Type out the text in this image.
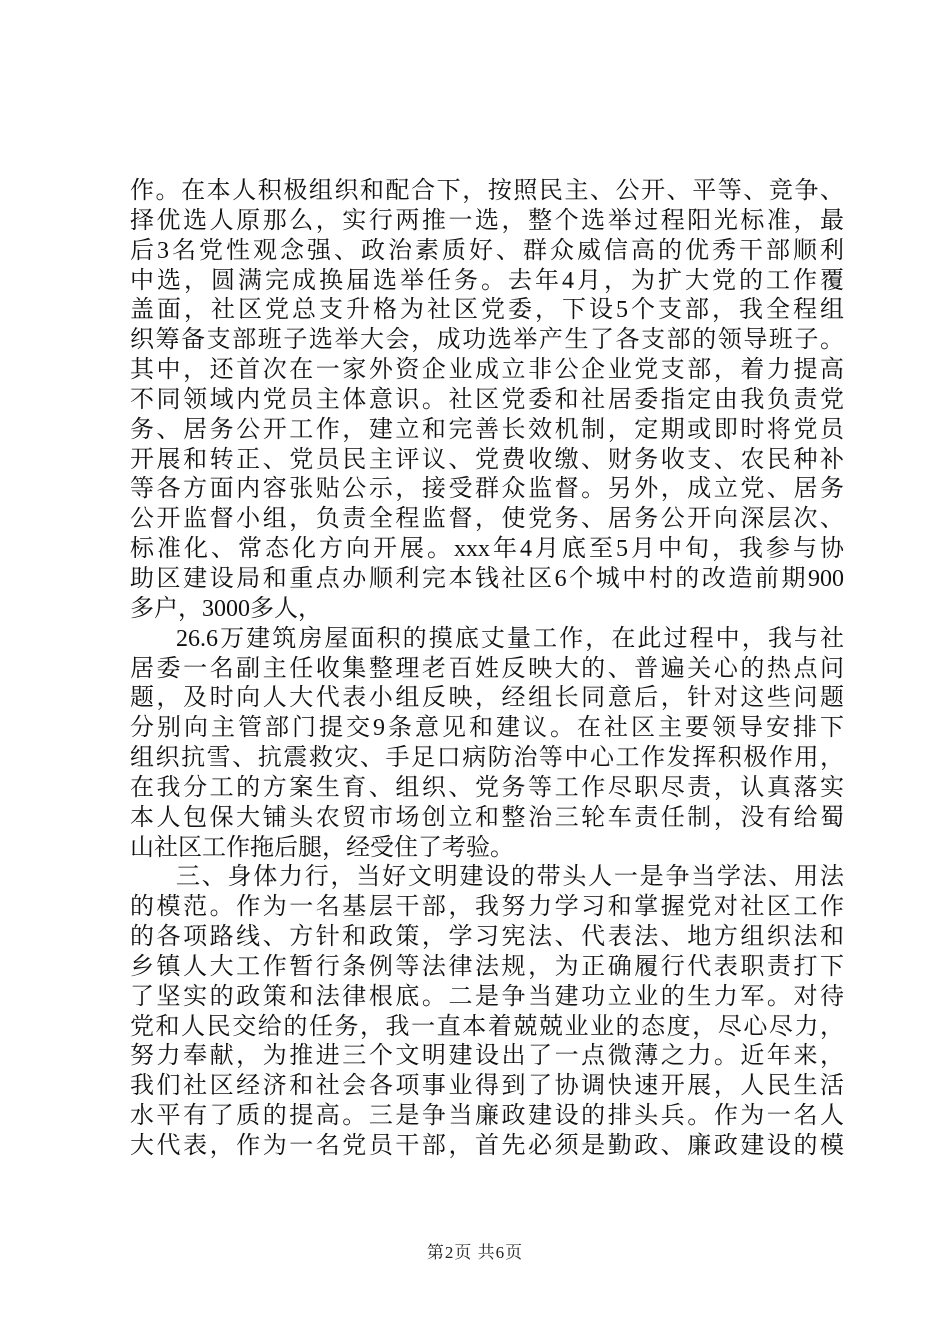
作。在本人积极组织和配合下，按照民主、公开、平等、竞争、
择优选人原那么，实行两推一选，整个选举过程阳光标准，最
后3名党性观念强、政治素质好、群众威信高的优秀干部顺利
中选，圆满完成换届选举任务。去年4月，为扩大党的工作覆
盖面，社区党总支升格为社区党委，下设5个支部，我全程组
织筹备支部班子选举大会，成功选举产生了各支部的领导班子。
其中，还首次在一家外资企业成立非公企业党支部，着力提高
不同领域内党员主体意识。社区党委和社居委指定由我负责党
务、居务公开工作，建立和完善长效机制，定期或即时将党员
开展和转正、党员民主评议、党费收缴、财务收支、农民种补
等各方面内容张贴公示，接受群众监督。另外，成立党、居务
公开监督小组，负责全程监督，使党务、居务公开向深层次、
标准化、常态化方向开展。xxx年4月底至5月中旬，我参与协
助区建设局和重点办顺利完本钱社区6个城中村的改造前期900
多户，3000多人，
26.6万建筑房屋面积的摸底丈量工作，在此过程中，我与社
居委一名副主任收集整理老百姓反映大的、普遍关心的热点问
题，及时向人大代表小组反映，经组长同意后，针对这些问题
分别向主管部门提交9条意见和建议。在社区主要领导安排下
组织抗雪、抗震救灾、手足口病防治等中心工作发挥积极作用，
在我分工的方案生育、组织、党务等工作尽职尽责，认真落实
本人包保大铺头农贸市场创立和整治三轮车责任制，没有给蜀
山社区工作拖后腿，经受住了考验。
三、身体力行，当好文明建设的带头人一是争当学法、用法
的模范。作为一名基层干部，我努力学习和掌握党对社区工作
的各项路线、方针和政策，学习宪法、代表法、地方组织法和
乡镇人大工作暂行条例等法律法规，为正确履行代表职责打下
了坚实的政策和法律根底。二是争当建功立业的生力军。对待
党和人民交给的任务，我一直本着兢兢业业的态度，尽心尽力，
努力奉献，为推进三个文明建设出了一点微薄之力。近年来，
我们社区经济和社会各项事业得到了协调快速开展，人民生活
水平有了质的提高。三是争当廉政建设的排头兵。作为一名人
大代表，作为一名党员干部，首先必须是勤政、廉政建设的模
第2页 共6页
